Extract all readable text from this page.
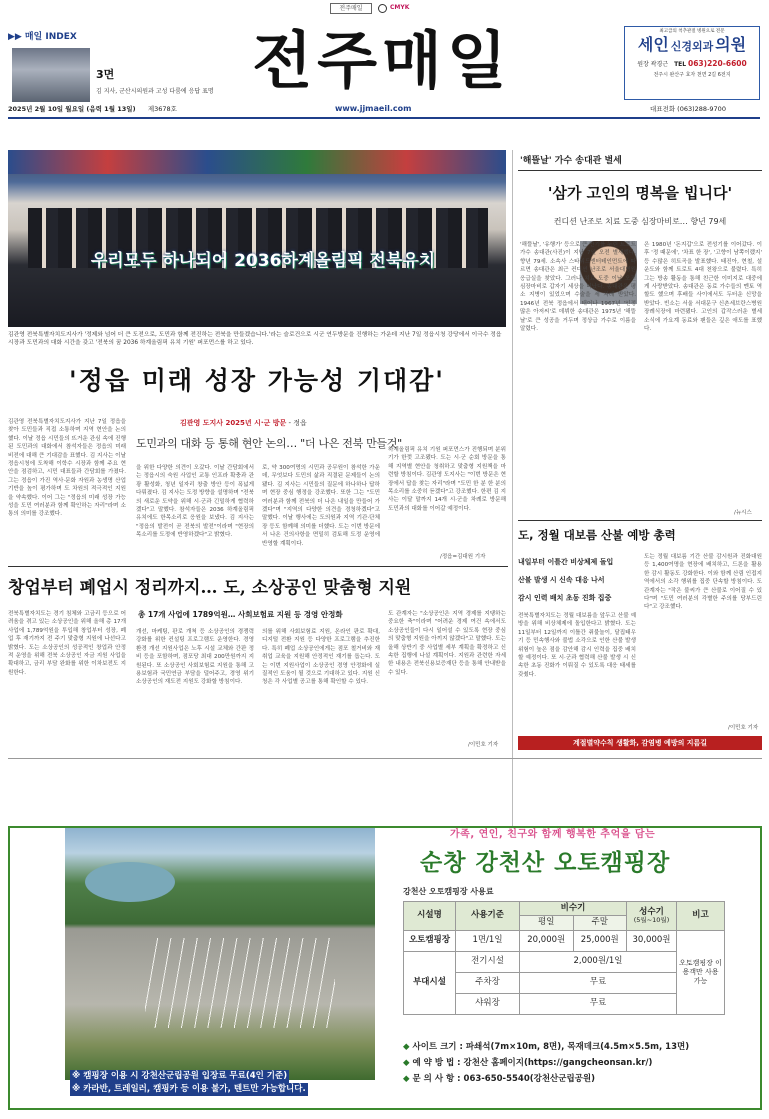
전주매일	CMYK
▶▶ 매일 INDEX
3면
김 지사, 군산시의원과 고성 다룸에 응답 표명 전주매일	최고급의 척추관절 병원으로 전문
세인 신경외과 의원
원장 곽경근 TEL 063)220-6600
전주시 완산구 효자 천면 2길 6전지
2025년 2월 10일 월요일 (음력 1월 13일) 제3678호	www.jjmaeil.com	대표전화 (063)288-9700
우리모두 하나되어 2036하계올림픽 전북유치
김관영 전북특별자치도지사가 '정제와 넘어 더 큰 도전으로, 도민과 함께 전진하는 전북을 만들겠습니다.'라는 슬로건으로 시군 연두방문을 진행하는 가운데 지난 7일 정읍시청 강당에서 이극수 정읍시장과 도민과의 대화 시간을 갖고 '전북의 꿈 2036 하계올림픽 유치 기원' 퍼포먼스를 하고 있다.
'정읍 미래 성장 가능성 기대감'
김관영 도지사 2025년 시·군 방문 - 정읍
도민과의 대화 등 통해 현안 논의… "더 나은 전북 만들것"
김관영 전북특별자치도지사가 지난 7일 정읍을 찾아 도민들과 직접 소통하며 지역 현안을 논의했다. 이날 정읍 시민들의 뜨거운 관심 속에 진행된 도민과의 대화에서 참석자들은 정읍의 미래 비전에 대해 큰 기대감을 표했다. 김 지사는 이날 정읍시청에 도착해 이학수 시장과 함께 주요 현안을 점검하고, 시민 대표들과 간담회를 가졌다. 그는 정읍이 가진 역사·문화 자원과 농생명 산업 기반을 높이 평가하며 도 차원의 적극적인 지원을 약속했다. 이어 그는 "정읍의 미래 성장 가능성을 도민 여러분과 함께 확인하는 자리"라며 소통의 의미를 강조했다.
을 위한 다양한 의견이 오갔다. 이날 간담회에서는 정읍시의 숙원 사업인 교통 인프라 확충과 관광 활성화, 청년 일자리 창출 방안 등이 폭넓게 다뤄졌다. 김 지사는 도정 방향을 설명하며 "전북의 새로운 도약을 위해 시·군과 긴밀하게 협력하겠다"고 말했다. 참석자들은 2036 하계올림픽 유치에도 한목소리로 응원을 보냈다. 김 지사는 "정읍의 발전이 곧 전북의 발전"이라며 "현장의 목소리를 도정에 반영하겠다"고 밝혔다.
로, 약 300여명의 시민과 공무원이 참석한 가운데, 무엇보다 도민의 삶과 직결된 문제들이 논의됐다. 김 지사는 시민들의 질문에 하나하나 답하며 현장 중심 행정을 강조했다. 또한 그는 "도민 여러분과 함께 전북의 더 나은 내일을 만들어 가겠다"며 "지역의 다양한 의견을 경청하겠다"고 말했다. 이날 행사에는 도의원과 지역 기관·단체장 등도 함께해 의미를 더했다. 도는 이번 방문에서 나온 건의사항을 면밀히 검토해 도정 운영에 반영할 계획이다.
하계올림픽 유치 기원 퍼포먼스가 진행되며 분위기가 한껏 고조됐다. 도는 시·군 순회 방문을 통해 지역별 현안을 청취하고 맞춤형 지원책을 마련할 방침이다. 김관영 도지사는 "이번 방문은 현장에서 답을 찾는 자리"라며 "도민 한 분 한 분의 목소리를 소중히 듣겠다"고 강조했다. 한편 김 지사는 이달 말까지 14개 시·군을 차례로 방문해 도민과의 대화를 이어갈 예정이다.
/정읍=김대원 기자
'해뜰날' 가수 송대관 별세
'삼가 고인의 명복을 빕니다'
컨디션 난조로 치료 도중 심장마비로… 향년 79세
'해뜰날', '유행가' 등으로 큰 인기를 누린 트로트 가수 송대관(사진)이 지난 7일 오전 별세했다. 향년 79세. 소속사 스타위드엔터테인먼트에 따르면 송대관은 최근 컨디션 난조로 서울대병원 응급실을 찾았다. 그러나 치료 도중 이날 오전 심장마비로 갑자기 세상을 떠났다. 송대관은 평소 지병이 있었으며 수술을 세 차례 받았다. 1946년 전북 정읍에서 태어나 1967년 '인정 많은 아저씨'로 데뷔한 송대관은 1975년 '해뜰날'로 큰 성공을 거두며 정상급 가수로 이름을 알렸다.
은 1980년 '돈지갑'으로 전성기를 이어갔다. 이후 '정 때문에', '차표 한 장', '고향이 남쪽이랬지' 등 수많은 히트곡을 발표했다. 태진아, 현철, 설운도와 함께 트로트 4대 천왕으로 불렸다. 특히 그는 방송 활동을 통해 친근한 이미지로 대중에게 사랑받았다. 송대관은 동료 가수들의 멘토 역할도 했으며 후배들 사이에서도 두터운 신망을 받았다. 빈소는 서울 서대문구 신촌세브란스병원 장례식장에 마련됐다. 고인의 갑작스러운 별세 소식에 가요계 동료와 팬들은 깊은 애도를 표했다.
/뉴시스
도, 정월 대보름 산불 예방 총력
내일부터 이틀간 비상체제 돌입
산불 발생 시 신속 대응 나서
감시 인력 배치 초동 진화 집중
전북특별자치도는 정월 대보름을 앞두고 산불 예방을 위해 비상체제에 돌입한다고 밝혔다. 도는 11일부터 12일까지 이틀간 쥐불놀이, 달집태우기 등 민속행사와 불법 소각으로 인한 산불 발생 위험이 높은 점을 감안해 감시 인력을 집중 배치할 예정이다. 또 시·군과 협력해 산불 발생 시 신속한 초동 진화가 이뤄질 수 있도록 대응 태세를 갖췄다.
도는 정월 대보름 기간 산불 감시원과 진화대원 등 1,400여명을 현장에 배치하고, 드론을 활용한 감시 활동도 강화한다. 이와 함께 산림 인접지역에서의 소각 행위를 집중 단속할 방침이다. 도 관계자는 "작은 불씨가 큰 산불로 이어질 수 있다"며 "도민 여러분의 각별한 주의를 당부드린다"고 강조했다.
/이민호 기자
계절별약수칙 생활화, 감염병 예방의 지름길
창업부터 폐업시 정리까지… 도, 소상공인 맞춤형 지원
총 17개 사업에 1789억원… 사회보험료 지원 등 경영 안정화
전북특별자치도는 경기 침체와 고금리 등으로 어려움을 겪고 있는 소상공인을 위해 올해 총 17개 사업에 1,789억원을 투입해 창업부터 성장, 폐업 후 재기까지 전 주기 맞춤형 지원에 나선다고 밝혔다. 도는 소상공인의 성공적인 창업과 안정적 운영을 위해 전북 소상공인 자금 지원 사업을 확대하고, 금리 부담 완화를 위한 이차보전도 지원한다.
개선, 마케팅, 판로 개척 등 소상공인의 경쟁력 강화를 위한 컨설팅 프로그램도 운영한다. 경영환경 개선 지원사업은 노후 시설 교체와 간판 정비 등을 포함하며, 점포당 최대 200만원까지 지원된다. 또 소상공인 사회보험료 지원을 통해 고용보험과 국민연금 부담을 덜어주고, 경영 위기 소상공인의 재도전 지원도 강화할 방침이다.
의를 위해 사회보험료 지원, 온라인 판로 확대, 디지털 전환 지원 등 다양한 프로그램을 추진한다. 특히 폐업 소상공인에게는 점포 철거비와 재취업 교육을 지원해 안정적인 재기를 돕는다. 도는 이번 지원사업이 소상공인 경영 안정화에 실질적인 도움이 될 것으로 기대하고 있다. 지원 신청은 각 사업별 공고를 통해 확인할 수 있다.
도 관계자는 "소상공인은 지역 경제를 지탱하는 중요한 축"이라며 "어려운 경제 여건 속에서도 소상공인들이 다시 일어설 수 있도록 현장 중심의 맞춤형 지원을 아끼지 않겠다"고 말했다. 도는 올해 상반기 중 사업별 세부 계획을 확정하고 신속한 집행에 나설 계획이다. 지원과 관련한 자세한 내용은 전북신용보증재단 등을 통해 안내받을 수 있다.
/이민호 기자
가족, 연인, 친구와 함께 행복한 추억을 담는
순창 강천산 오토캠핑장
강천산 오토캠핑장 사용료
시설명	사용기준	비수기		성수기
(5월~10월)	비고
		평일	주말		
오토캠핑장	1면/1일	20,000원	25,000원	30,000원	오토캠핑장 이용객만 사용 가능
부대시설	전기시설	2,000원/1일			
	주차장	무료			
	샤워장	무료			
◆ 사이트 크기 : 파쇄석(7m×10m, 8면), 목재데크(4.5m×5.5m, 13면)
◆ 예 약 방 법 : 강천산 홈페이지(https://gangcheonsan.kr/)
◆ 문 의 사 항 : 063-650-5540(강천산군립공원)
※ 캠핑장 이용 시 강천산군립공원 입장료 무료(4인 기준) ※ 카라반, 트레일러, 캠핑카 등 이용 불가, 텐트만 가능합니다.
